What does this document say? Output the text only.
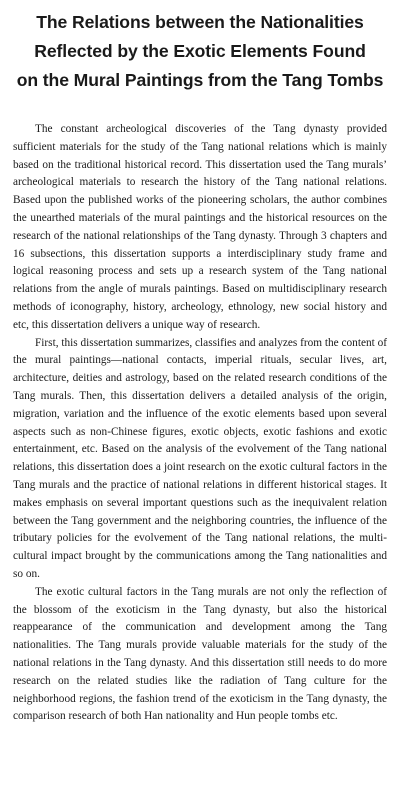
The Relations between the Nationalities
Reflected by the Exotic Elements Found
on the Mural Paintings from the Tang Tombs

The constant archeological discoveries of the Tang dynasty provided sufficient materials for the study of the Tang national relations which is mainly based on the traditional historical record. This dissertation used the Tang murals’ archeological materials to research the history of the Tang national relations. Based upon the published works of the pioneering scholars, the author combines the unearthed materials of the mural paintings and the historical resources on the research of the national relationships of the Tang dynasty. Through 3 chapters and 16 subsections, this dissertation supports a interdisciplinary study frame and logical reasoning process and sets up a research system of the Tang national relations from the angle of murals paintings. Based on multidisciplinary research methods of iconography, history, archeology, ethnology, new social history and etc, this dissertation delivers a unique way of research.

First, this dissertation summarizes, classifies and analyzes from the content of the mural paintings—national contacts, imperial rituals, secular lives, art, architecture, deities and astrology, based on the related research conditions of the Tang murals. Then, this dissertation delivers a detailed analysis of the origin, migration, variation and the influence of the exotic elements based upon several aspects such as non-Chinese figures, exotic objects, exotic fashions and exotic entertainment, etc. Based on the analysis of the evolvement of the Tang national relations, this dissertation does a joint research on the exotic cultural factors in the Tang murals and the practice of national relations in different historical stages. It makes emphasis on several important questions such as the inequivalent relation between the Tang government and the neighboring countries, the influence of the tributary policies for the evolvement of the Tang national relations, the multi-cultural impact brought by the communications among the Tang nationalities and so on.

The exotic cultural factors in the Tang murals are not only the reflection of the blossom of the exoticism in the Tang dynasty, but also the historical reappearance of the communication and development among the Tang nationalities. The Tang murals provide valuable materials for the study of the national relations in the Tang dynasty. And this dissertation still needs to do more research on the related studies like the radiation of Tang culture for the neighborhood regions, the fashion trend of the exoticism in the Tang dynasty, the comparison research of both Han nationality and Hun people tombs etc.
